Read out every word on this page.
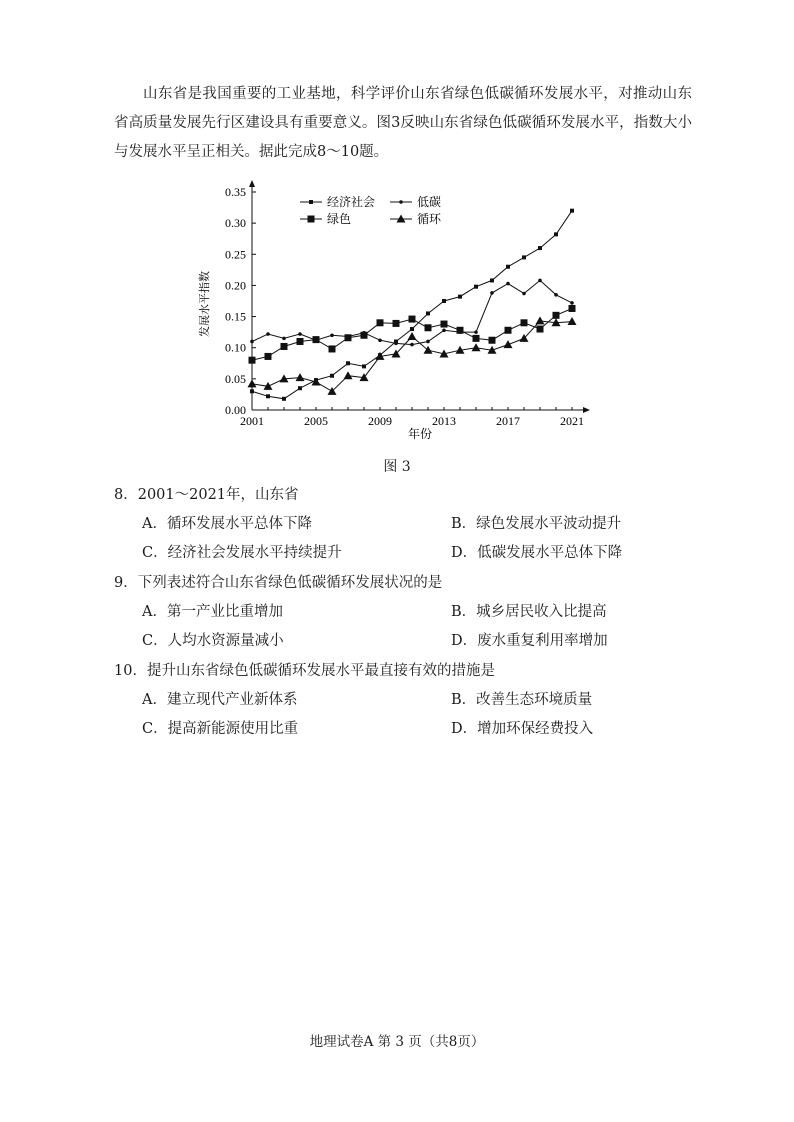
山东省是我国重要的工业基地，科学评价山东省绿色低碳循环发展水平，对推动山东省高质量发展先行区建设具有重要意义。图3反映山东省绿色低碳循环发展水平，指数大小与发展水平呈正相关。据此完成8～10题。

0.00
0.05
0.10
0.15
0.20
0.25
0.30
0.35
2001	2005	2009	2013	2017	2021
经济社会	低碳
绿色	循环
年份
发展水平指数
图 3
8．2001～2021年，山东省
A．循环发展水平总体下降	B．绿色发展水平波动提升
C．经济社会发展水平持续提升	D．低碳发展水平总体下降
9．下列表述符合山东省绿色低碳循环发展状况的是
A．第一产业比重增加	B．城乡居民收入比提高
C．人均水资源量减小	D．废水重复利用率增加
10．提升山东省绿色低碳循环发展水平最直接有效的措施是
A．建立现代产业新体系	B．改善生态环境质量
C．提高新能源使用比重	D．增加环保经费投入
地理试卷A 第 3 页（共8页）
